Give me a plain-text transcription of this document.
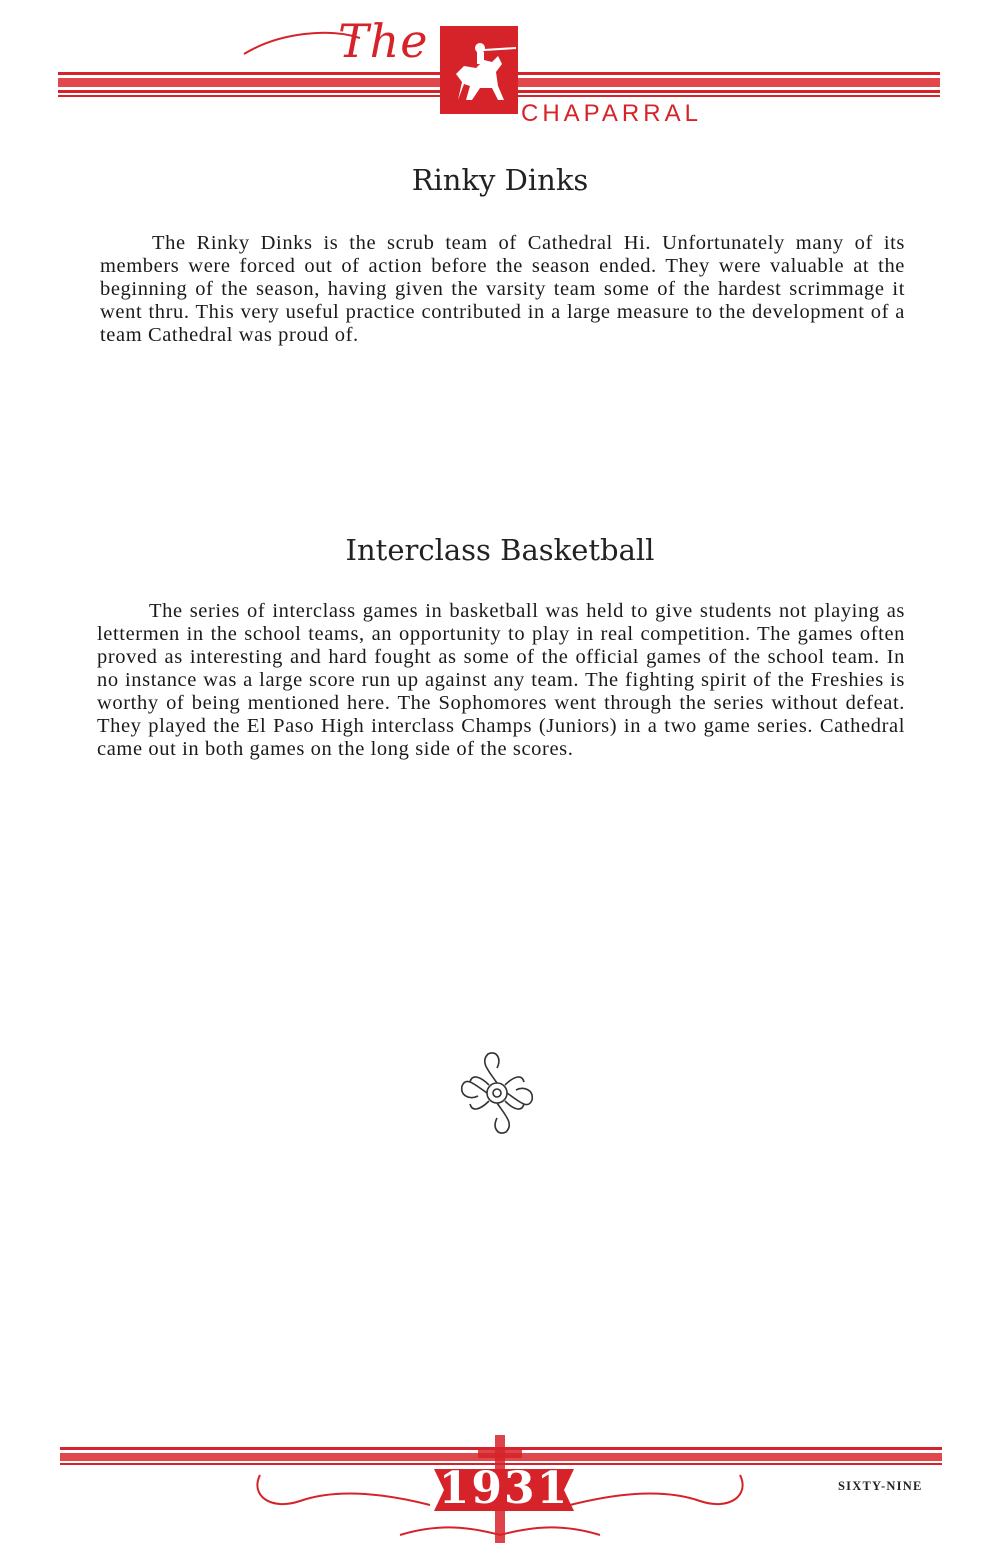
The
CHAPARRAL
Rinky Dinks

The Rinky Dinks is the scrub team of Cathedral Hi. Unfortunately many of its members were forced out of action before the season ended. They were valuable at the beginning of the season, having given the varsity team some of the hardest scrimmage it went thru. This very useful practice contributed in a large measure to the development of a team Cathedral was proud of.

Interclass Basketball

The series of interclass games in basketball was held to give students not playing as lettermen in the school teams, an opportunity to play in real competition. The games often proved as interesting and hard fought as some of the official games of the school team. In no instance was a large score run up against any team. The fighting spirit of the Freshies is worthy of being mentioned here. The Sophomores went through the series without defeat. They played the El Paso High interclass Champs (Juniors) in a two game series. Cathedral came out in both games on the long side of the scores.

1931	SIXTY-NINE
